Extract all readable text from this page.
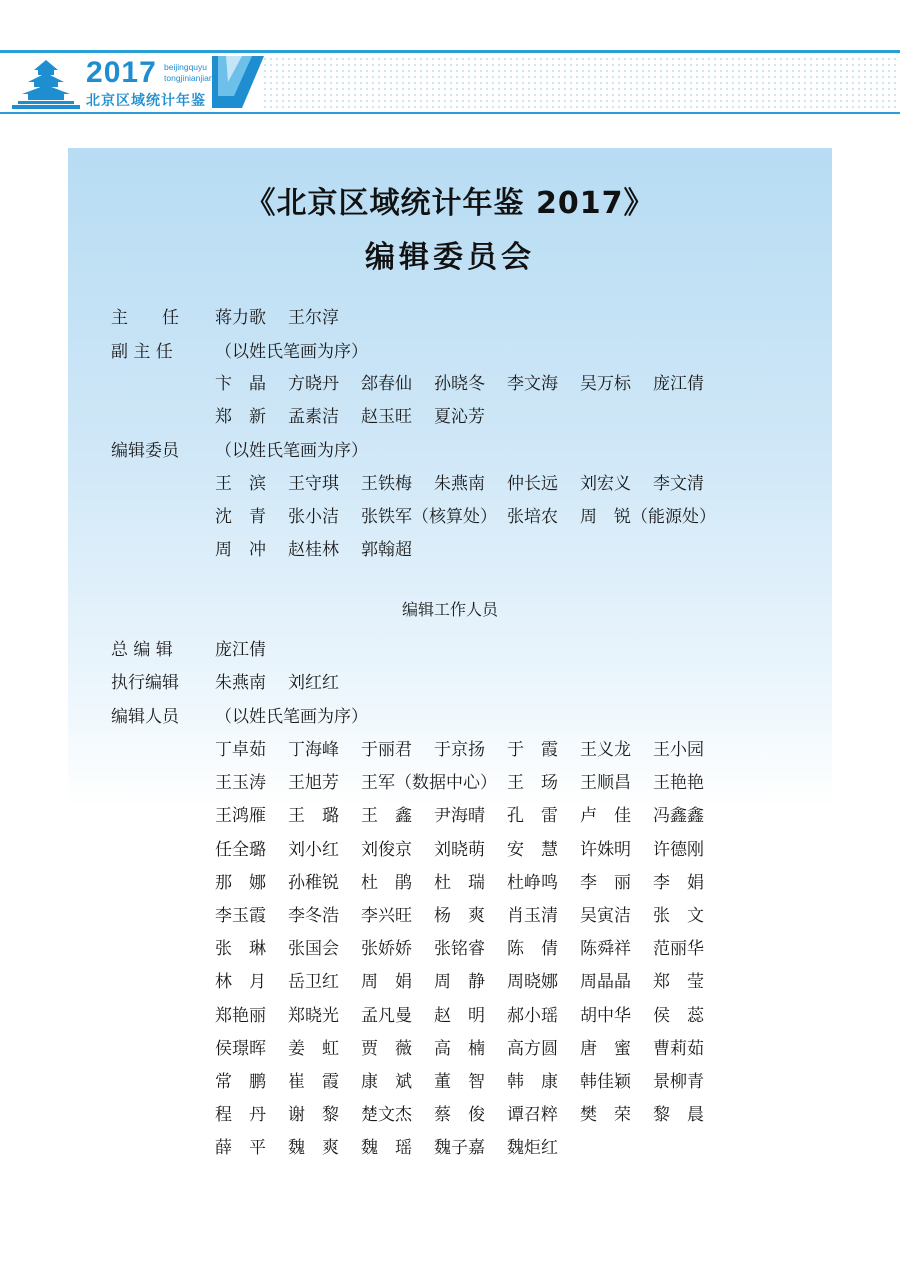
2017 beijingquyu
tongjinianjian
北京区域统计年鉴
《北京区域统计年鉴 2017》
编辑委员会
主　　任	蒋力歌	王尔淳
副 主 任	（以姓氏笔画为序）
卞　晶	方晓丹	郐春仙	孙晓冬	李文海	吴万标	庞江倩
郑　新	孟素洁	赵玉旺	夏沁芳
编辑委员	（以姓氏笔画为序）
王　滨	王守琪	王铁梅	朱燕南	仲长远	刘宏义	李文清
沈　青	张小洁	张铁军（核算处） 张培农	周　锐（能源处）
周　冲	赵桂林	郭翰超
编辑工作人员
总 编 辑	庞江倩
执行编辑	朱燕南	刘红红
编辑人员	（以姓氏笔画为序）
丁卓茹	丁海峰	于丽君	于京扬	于　霞	王义龙	王小园
王玉涛	王旭芳	王军（数据中心） 王　玚	王顺昌	王艳艳
王鸿雁	王　璐	王　鑫	尹海晴	孔　雷	卢　佳	冯鑫鑫
任全璐	刘小红	刘俊京	刘晓萌	安　慧	许姝明	许德刚
那　娜	孙稚锐	杜　鹃	杜　瑞	杜峥鸣	李　丽	李　娟
李玉霞	李冬浩	李兴旺	杨　爽	肖玉清	吴寅洁	张　文
张　琳	张国会	张娇娇	张铭睿	陈　倩	陈舜祥	范丽华
林　月	岳卫红	周　娟	周　静	周晓娜	周晶晶	郑　莹
郑艳丽	郑晓光	孟凡曼	赵　明	郝小瑶	胡中华	侯　蕊
侯璟晖	姜　虹	贾　薇	高　楠	高方圆	唐　蜜	曹莉茹
常　鹏	崔　霞	康　斌	董　智	韩　康	韩佳颖	景柳青
程　丹	谢　黎	楚文杰	蔡　俊	谭召粹	樊　荣	黎　晨
薛　平	魏　爽	魏　瑶	魏子嘉	魏炬红
